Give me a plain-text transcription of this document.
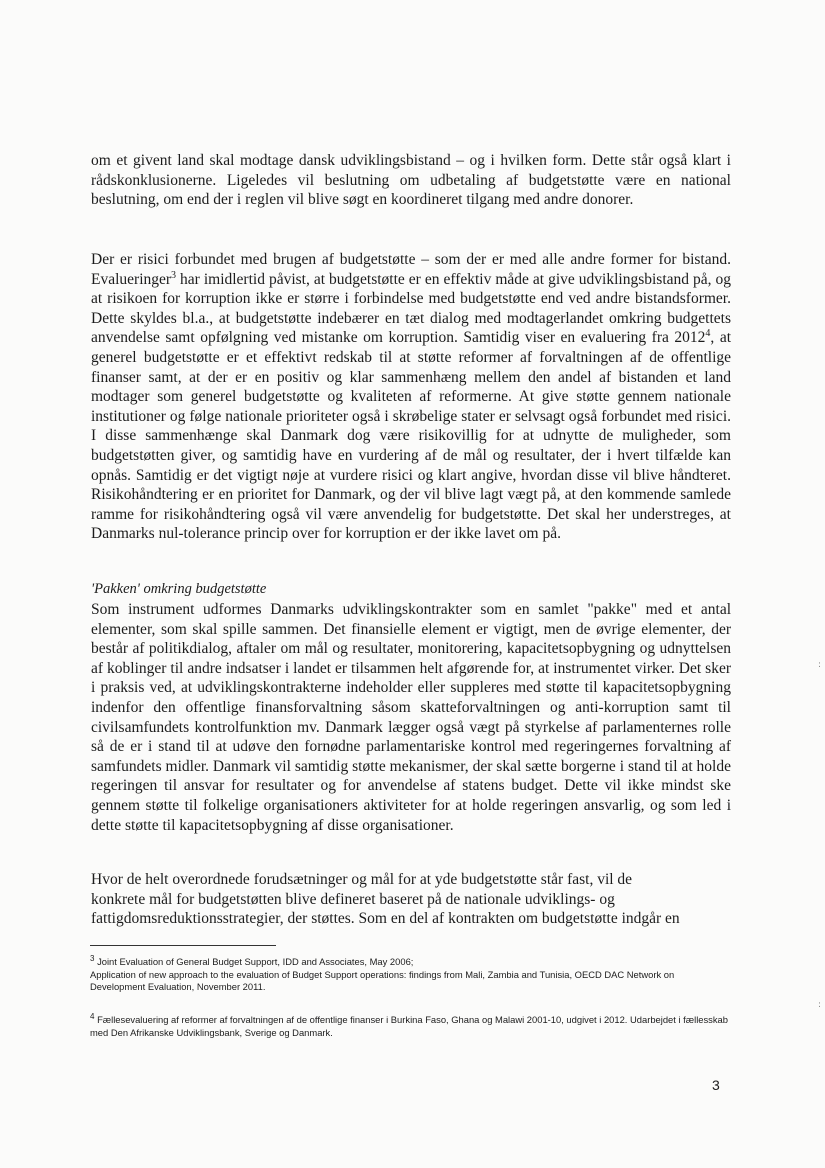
om et givent land skal modtage dansk udviklingsbistand – og i hvilken form. Dette står også klart i rådskonklusionerne. Ligeledes vil beslutning om udbetaling af budgetstøtte være en national beslutning, om end der i reglen vil blive søgt en koordineret tilgang med andre donorer.

Der er risici forbundet med brugen af budgetstøtte – som der er med alle andre former for bistand. Evalueringer$^3$ har imidlertid påvist, at budgetstøtte er en effektiv måde at give udviklingsbistand på, og at risikoen for korruption ikke er større i forbindelse med budgetstøtte end ved andre bistandsformer. Dette skyldes bl.a., at budgetstøtte indebærer en tæt dialog med modtagerlandet omkring budgettets anvendelse samt opfølgning ved mistanke om korruption. Samtidig viser en evaluering fra 2012$^4$, at generel budgetstøtte er et effektivt redskab til at støtte reformer af forvaltningen af de offentlige finanser samt, at der er en positiv og klar sammenhæng mellem den andel af bistanden et land modtager som generel budgetstøtte og kvaliteten af reformerne. At give støtte gennem nationale institutioner og følge nationale prioriteter også i skrøbelige stater er selvsagt også forbundet med risici. I disse sammenhænge skal Danmark dog være risikovillig for at udnytte de muligheder, som budgetstøtten giver, og samtidig have en vurdering af de mål og resultater, der i hvert tilfælde kan opnås. Samtidig er det vigtigt nøje at vurdere risici og klart angive, hvordan disse vil blive håndteret. Risikohåndtering er en prioritet for Danmark, og der vil blive lagt vægt på, at den kommende samlede ramme for risikohåndtering også vil være anvendelig for budgetstøtte. Det skal her understreges, at Danmarks nul-tolerance princip over for korruption er der ikke lavet om på.

'Pakken' omkring budgetstøtte

Som instrument udformes Danmarks udviklingskontrakter som en samlet "pakke" med et antal elementer, som skal spille sammen. Det finansielle element er vigtigt, men de øvrige elementer, der består af politikdialog, aftaler om mål og resultater, monitorering, kapacitetsopbygning og udnyttelsen af koblinger til andre indsatser i landet er tilsammen helt afgørende for, at instrumentet virker. Det sker i praksis ved, at udviklingskontrakterne indeholder eller suppleres med støtte til kapacitetsopbygning indenfor den offentlige finansforvaltning såsom skatteforvaltningen og anti-korruption samt til civilsamfundets kontrolfunktion mv. Danmark lægger også vægt på styrkelse af parlamenternes rolle så de er i stand til at udøve den fornødne parlamentariske kontrol med regeringernes forvaltning af samfundets midler. Danmark vil samtidig støtte mekanismer, der skal sætte borgerne i stand til at holde regeringen til ansvar for resultater og for anvendelse af statens budget. Dette vil ikke mindst ske gennem støtte til folkelige organisationers aktiviteter for at holde regeringen ansvarlig, og som led i dette støtte til kapacitetsopbygning af disse organisationer.

Hvor de helt overordnede forudsætninger og mål for at yde budgetstøtte står fast, vil de

konkrete mål for budgetstøtten blive defineret baseret på de nationale udviklings- og

fattigdomsreduktionsstrategier, der støttes. Som en del af kontrakten om budgetstøtte indgår en

3 Joint Evaluation of General Budget Support, IDD and Associates, May 2006;

Application of new approach to the evaluation of Budget Support operations: findings from Mali, Zambia and Tunisia, OECD DAC Network on Development Evaluation, November 2011.

4 Fællesevaluering af reformer af forvaltningen af de offentlige finanser i Burkina Faso, Ghana og Malawi 2001-10, udgivet i 2012. Udarbejdet i fællesskab med Den Afrikanske Udviklingsbank, Sverige og Danmark.

3
:
:
